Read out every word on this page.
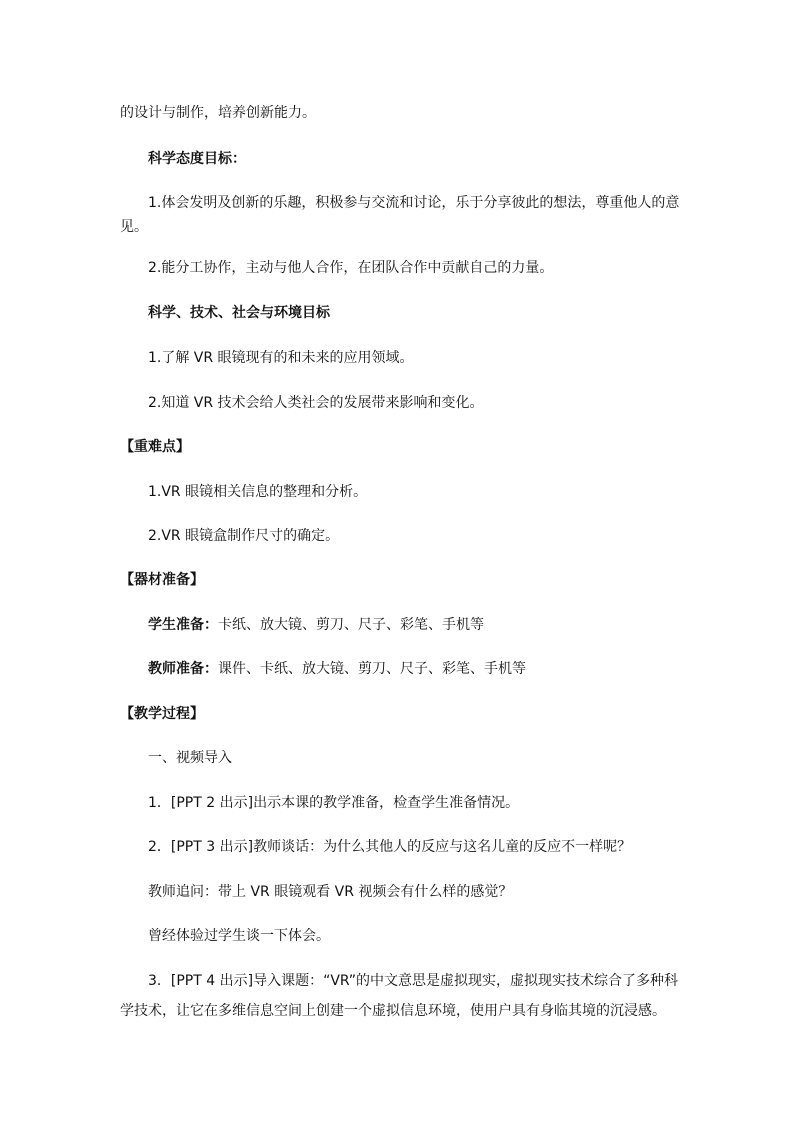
的设计与制作，培养创新能力。
科学态度目标：
1.体会发明及创新的乐趣，积极参与交流和讨论，乐于分享彼此的想法，尊重他人的意
见。
2.能分工协作，主动与他人合作，在团队合作中贡献自己的力量。
科学、技术、社会与环境目标
1.了解 VR 眼镜现有的和未来的应用领域。
2.知道 VR 技术会给人类社会的发展带来影响和变化。
【重难点】
1.VR 眼镜相关信息的整理和分析。
2.VR 眼镜盒制作尺寸的确定。
【器材准备】
学生准备：卡纸、放大镜、剪刀、尺子、彩笔、手机等
教师准备：课件、卡纸、放大镜、剪刀、尺子、彩笔、手机等
【教学过程】
一、视频导入
1．[PPT 2 出示]出示本课的教学准备，检查学生准备情况。
2．[PPT 3 出示]教师谈话：为什么其他人的反应与这名儿童的反应不一样呢？
教师追问：带上 VR 眼镜观看 VR 视频会有什么样的感觉？
曾经体验过学生谈一下体会。
3．[PPT 4 出示]导入课题：“VR”的中文意思是虚拟现实，虚拟现实技术综合了多种科
学技术，让它在多维信息空间上创建一个虚拟信息环境，使用户具有身临其境的沉浸感。
